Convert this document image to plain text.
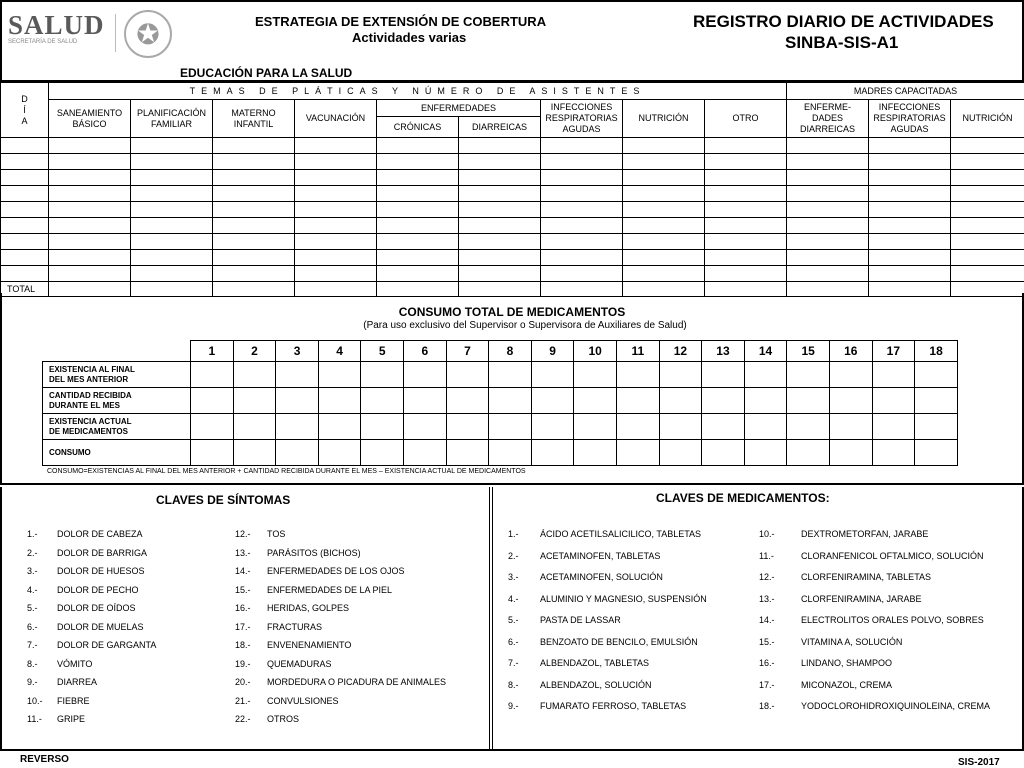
SALUD
SECRETARÍA DE SALUD	✪	ESTRATEGIA DE EXTENSIÓN DE COBERTURA
Actividades varias
REGISTRO DIARIO DE ACTIVIDADES
SINBA-SIS-A1
EDUCACIÓN PARA LA SALUD
D
Í
A	TEMAS DE PLÁTICAS Y NÚMERO DE ASISTENTES									MADRES CAPACITADAS		
	SANEAMIENTO BÁSICO	PLANIFICACIÓN FAMILIAR	MATERNO INFANTIL	VACUNACIÓN	ENFERMEDADES		INFECCIONES RESPIRATORIAS AGUDAS	NUTRICIÓN	OTRO	ENFERME- DADES DIARREICAS	INFECCIONES RESPIRATORIAS AGUDAS	NUTRICIÓN
					CRÓNICAS	DIARREICAS						

TOTAL												
CONSUMO TOTAL DE MEDICAMENTOS
(Para uso exclusivo del Supervisor o Supervisora de Auxiliares de Salud)
	1	2	3	4	5	6	7	8	9	10	11	12	13	14	15	16	17	18

EXISTENCIA AL FINAL
DEL MES ANTERIOR																		

CANTIDAD RECIBIDA
DURANTE EL MES																		

EXISTENCIA ACTUAL
DE MEDICAMENTOS																		

CONSUMO																		

CONSUMO=EXISTENCIAS AL FINAL DEL MES ANTERIOR + CANTIDAD RECIBIDA DURANTE EL MES – EXISTENCIA ACTUAL DE MEDICAMENTOS
CLAVES DE SÍNTOMAS	CLAVES DE MEDICAMENTOS:
1.- DOLOR DE CABEZA
2.- DOLOR DE BARRIGA
3.- DOLOR DE HUESOS
4.- DOLOR DE PECHO
5.- DOLOR DE OÍDOS
6.- DOLOR DE MUELAS
7.- DOLOR DE GARGANTA
8.- VÓMITO
9.- DIARREA
10.- FIEBRE
11.- GRIPE
12.- TOS
13.- PARÁSITOS (BICHOS)
14.- ENFERMEDADES DE LOS OJOS
15.- ENFERMEDADES DE LA PIEL
16.- HERIDAS, GOLPES
17.- FRACTURAS
18.- ENVENENAMIENTO
19.- QUEMADURAS
20.- MORDEDURA O PICADURA DE ANIMALES
21.- CONVULSIONES
22.- OTROS
1.- ÁCIDO ACETILSALICILICO, TABLETAS
2.- ACETAMINOFEN, TABLETAS
3.- ACETAMINOFEN, SOLUCIÓN
4.- ALUMINIO Y MAGNESIO, SUSPENSIÓN
5.- PASTA DE LASSAR
6.- BENZOATO DE BENCILO, EMULSIÓN
7.- ALBENDAZOL, TABLETAS
8.- ALBENDAZOL, SOLUCIÓN
9.- FUMARATO FERROSO, TABLETAS
10.-	DEXTROMETORFAN, JARABE
11.-	CLORANFENICOL OFTALMICO, SOLUCIÓN
12.-	CLORFENIRAMINA, TABLETAS
13.-	CLORFENIRAMINA, JARABE
14.-	ELECTROLITOS ORALES POLVO, SOBRES
15.-	VITAMINA A, SOLUCIÓN
16.-	LINDANO, SHAMPOO
17.-	MICONAZOL, CREMA
18.-	YODOCLOROHIDROXIQUINOLEINA, CREMA
REVERSO	SIS-2017
